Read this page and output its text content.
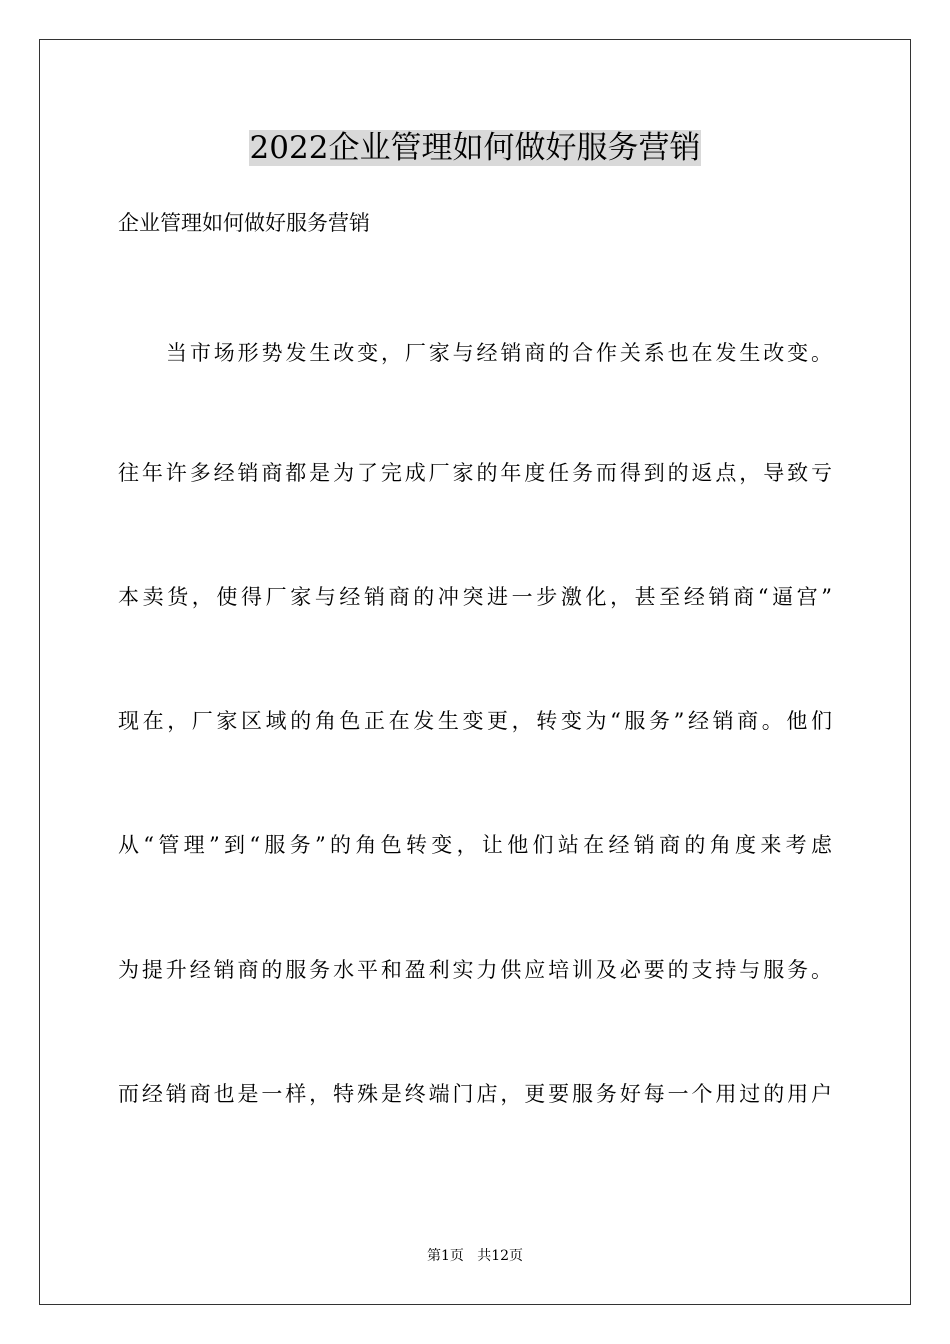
2022企业管理如何做好服务营销
企业管理如何做好服务营销
当市场形势发生改变，厂家与经销商的合作关系也在发生改变。
往年许多经销商都是为了完成厂家的年度任务而得到的返点，导致亏
本卖货，使得厂家与经销商的冲突进一步激化，甚至经销商“逼宫”
现在，厂家区域的角色正在发生变更，转变为“服务”经销商。他们
从“管理”到“服务”的角色转变，让他们站在经销商的角度来考虑
为提升经销商的服务水平和盈利实力供应培训及必要的支持与服务。
而经销商也是一样，特殊是终端门店，更要服务好每一个用过的用户
第1页   共12页
